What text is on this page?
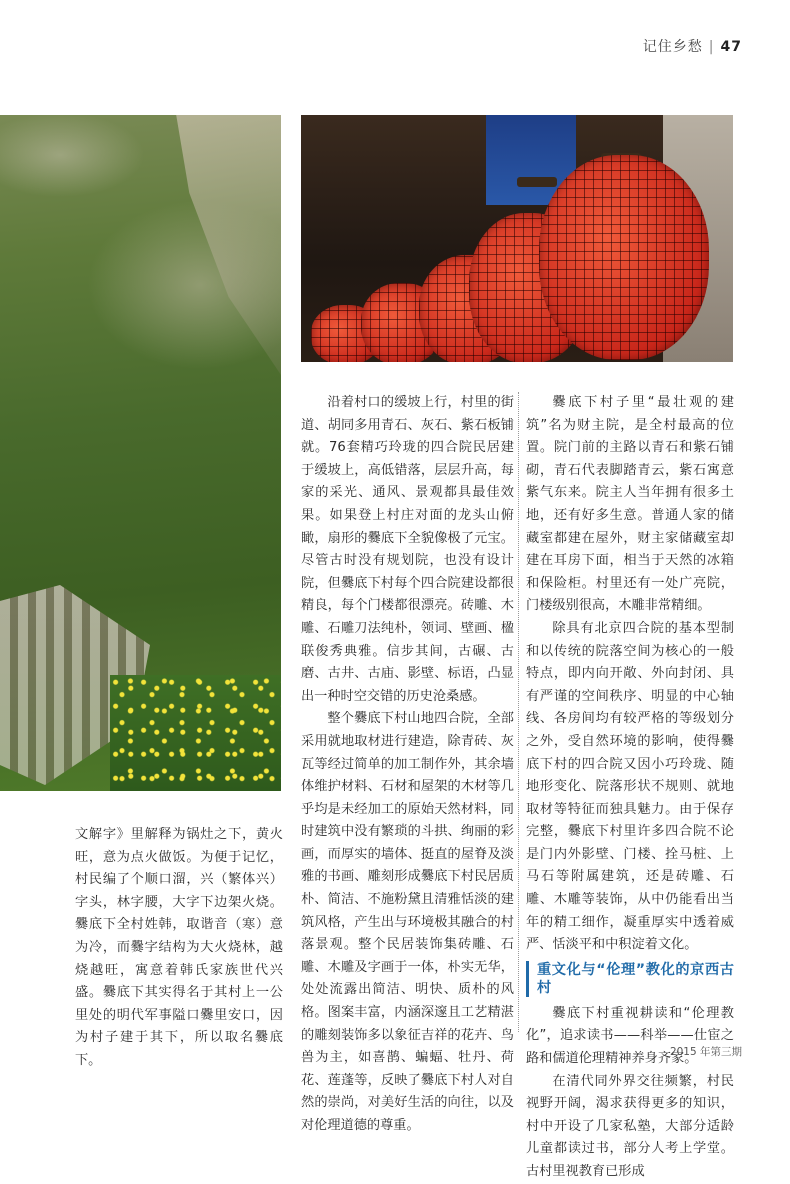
记住乡愁 | 47

文解字》里解释为锅灶之下，黄火旺，意为点火做饭。为便于记忆，村民编了个顺口溜，兴（繁体兴）字头，林字腰，大字下边架火烧。爨底下全村姓韩，取谐音（寒）意为冷，而爨字结构为大火烧林，越烧越旺，寓意着韩氏家族世代兴盛。爨底下其实得名于其村上一公里处的明代军事隘口爨里安口，因为村子建于其下，所以取名爨底下。

沿着村口的缓坡上行，村里的街道、胡同多用青石、灰石、紫石板铺就。76套精巧玲珑的四合院民居建于缓坡上，高低错落，层层升高，每家的采光、通风、景观都具最佳效果。如果登上村庄对面的龙头山俯瞰，扇形的爨底下全貌像极了元宝。尽管古时没有规划院，也没有设计院，但爨底下村每个四合院建设都很精良，每个门楼都很漂亮。砖雕、木雕、石雕刀法纯朴，领词、壁画、楹联俊秀典雅。信步其间，古碾、古磨、古井、古庙、影壁、标语，凸显出一种时空交错的历史沧桑感。

整个爨底下村山地四合院，全部采用就地取材进行建造，除青砖、灰瓦等经过简单的加工制作外，其余墙体维护材料、石材和屋架的木材等几乎均是未经加工的原始天然材料，同时建筑中没有繁琐的斗拱、绚丽的彩画，而厚实的墙体、挺直的屋脊及淡雅的书画、雕刻形成爨底下村民居质朴、简洁、不施粉黛且清雅恬淡的建筑风格，产生出与环境极其融合的村落景观。整个民居装饰集砖雕、石雕、木雕及字画于一体，朴实无华，处处流露出简洁、明快、质朴的风格。图案丰富，内涵深邃且工艺精湛的雕刻装饰多以象征吉祥的花卉、鸟兽为主，如喜鹊、蝙蝠、牡丹、荷花、莲蓬等，反映了爨底下村人对自然的崇尚，对美好生活的向往，以及对伦理道德的尊重。

爨底下村子里“最壮观的建筑”名为财主院，是全村最高的位置。院门前的主路以青石和紫石铺砌，青石代表脚踏青云，紫石寓意紫气东来。院主人当年拥有很多土地，还有好多生意。普通人家的储藏室都建在屋外，财主家储藏室却建在耳房下面，相当于天然的冰箱和保险柜。村里还有一处广亮院，门楼级别很高，木雕非常精细。

除具有北京四合院的基本型制和以传统的院落空间为核心的一般特点，即内向开敞、外向封闭、具有严谨的空间秩序、明显的中心轴线、各房间均有较严格的等级划分之外，受自然环境的影响，使得爨底下村的四合院又因小巧玲珑、随地形变化、院落形状不规则、就地取材等特征而独具魅力。由于保存完整，爨底下村里许多四合院不论是门内外影壁、门楼、拴马桩、上马石等附属建筑，还是砖雕、石雕、木雕等装饰，从中仍能看出当年的精工细作，凝重厚实中透着威严、恬淡平和中积淀着文化。

重文化与“伦理”教化的京西古村

爨底下村重视耕读和“伦理教化”，追求读书——科举——仕宦之路和儒道伦理精神养身齐家。

在清代同外界交往频繁，村民视野开阔，渴求获得更多的知识，村中开设了几家私塾，大部分适龄儿童都读过书，部分人考上学堂。古村里视教育已形成

2015 年第三期
